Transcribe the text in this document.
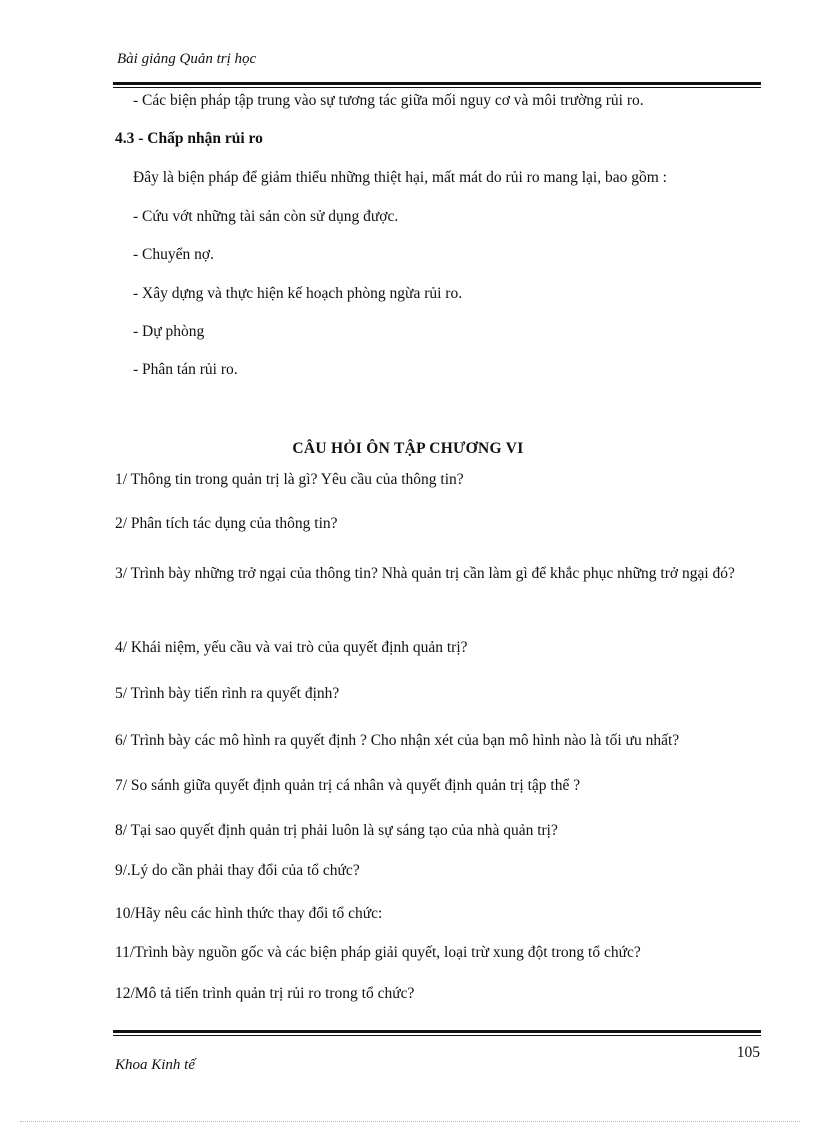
Bài giảng Quản trị học
- Các biện pháp tập trung vào sự tương tác giữa mối nguy cơ và môi trường rủi ro.
4.3 - Chấp nhận rủi ro
Đây là biện pháp để giảm thiểu những thiệt hại, mất mát do rủi ro mang lại, bao gồm :
- Cứu vớt những tài sản còn sử dụng được.
- Chuyển nợ.
- Xây dựng và thực hiện kế hoạch phòng ngừa rủi ro.
- Dự phòng
- Phân tán rủi ro.
CÂU HỎI ÔN TẬP CHƯƠNG VI
1/ Thông tin trong quản trị là gì? Yêu cầu của thông tin?
2/ Phân tích tác dụng của thông tin?
3/ Trình bày những trở ngại của thông tin? Nhà quản trị cần làm gì để khắc phục những trở ngại đó?
4/ Khái niệm, yếu cầu và vai trò của quyết định quản trị?
5/ Trình bày tiến rình ra quyết định?
6/ Trình bày các mô hình ra quyết định ? Cho nhận xét của bạn mô hình nào là tối ưu nhất?
7/ So sánh giữa quyết định quản trị cá nhân và quyết định quản trị tập thể ?
8/ Tại sao quyết định quản trị phải luôn là sự sáng tạo của nhà quản trị?
9/.Lý do cần phải thay đổi của tổ chức?
10/Hãy nêu các hình thức thay đổi tổ chức:
11/Trình bày nguồn gốc và các biện pháp giải quyết, loại trừ xung đột trong tổ chức?
12/Mô tả tiến trình quản trị rủi ro trong tổ chức?
105
Khoa Kinh tế
